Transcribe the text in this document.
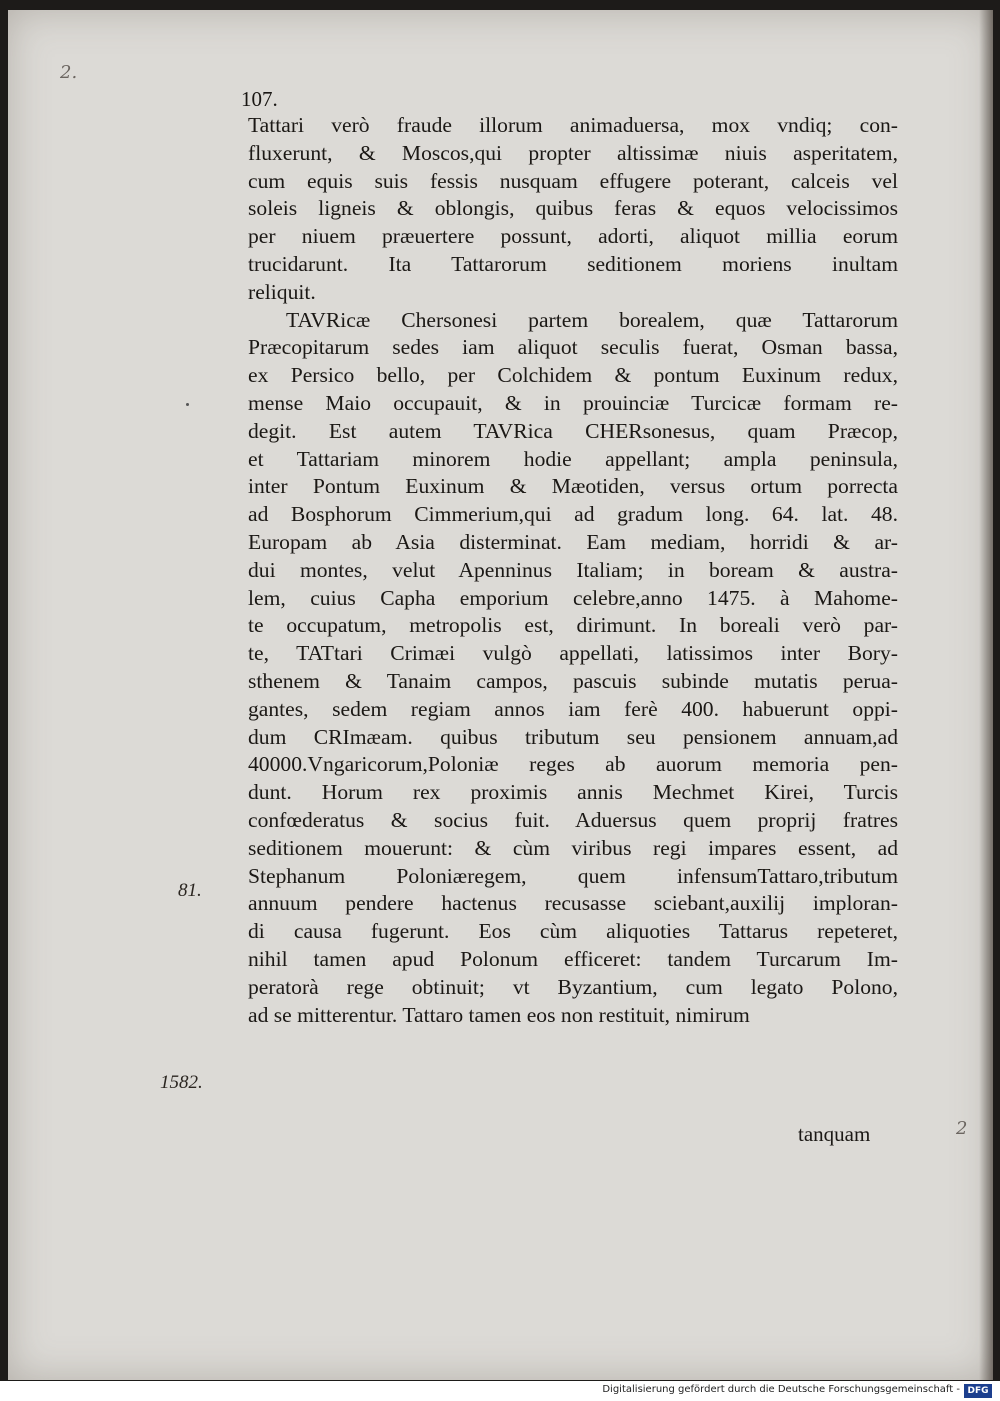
2.
2
107.
Tattari verò fraude illorum animaduersa, mox vndiq; con-
fluxerunt, & Moscos,qui propter altissimæ niuis asperitatem,
cum equis suis fessis nusquam effugere poterant, calceis vel
soleis ligneis & oblongis, quibus feras & equos velocissimos
per niuem præuertere possunt, adorti, aliquot millia eorum
trucidarunt. Ita Tattarorum seditionem moriens inultam
reliquit.
TAVRicæ Chersonesi partem borealem, quæ Tattarorum
Præcopitarum sedes iam aliquot seculis fuerat, Osman bassa,
ex Persico bello, per Colchidem & pontum Euxinum redux,
mense Maio occupauit, & in prouinciæ Turcicæ formam re-
degit. Est autem TAVRica CHERsonesus, quam Præcop,
et Tattariam minorem hodie appellant; ampla peninsula,
inter Pontum Euxinum & Mæotiden, versus ortum porrecta
ad Bosphorum Cimmerium,qui ad gradum long. 64. lat. 48.
Europam ab Asia disterminat. Eam mediam, horridi & ar-
dui montes, velut Apenninus Italiam; in boream & austra-
lem, cuius Capha emporium celebre,anno 1475. à Mahome-
te occupatum, metropolis est, dirimunt. In boreali verò par-
te, TATtari Crimæi vulgò appellati, latissimos inter Bory-
sthenem & Tanaim campos, pascuis subinde mutatis perua-
gantes, sedem regiam annos iam ferè 400. habuerunt oppi-
dum CRImæam. quibus tributum seu pensionem annuam,ad
40000.Vngaricorum,Poloniæ reges ab auorum memoria pen-
dunt. Horum rex proximis annis Mechmet Kirei, Turcis
confœderatus & socius fuit. Aduersus quem proprij fratres
seditionem mouerunt: & cùm viribus regi impares essent, ad
Stephanum Poloniæregem, quem infensumTattaro,tributum
annuum pendere hactenus recusasse sciebant,auxilij imploran-
di causa fugerunt. Eos cùm aliquoties Tattarus repeteret,
nihil tamen apud Polonum efficeret: tandem Turcarum Im-
peratorà rege obtinuit; vt Byzantium, cum legato Polono,
ad se mitterentur. Tattaro tamen eos non restituit, nimirum
81.
1582.
tanquam
Digitalisierung gefördert durch die Deutsche Forschungsgemeinschaft - DFG
